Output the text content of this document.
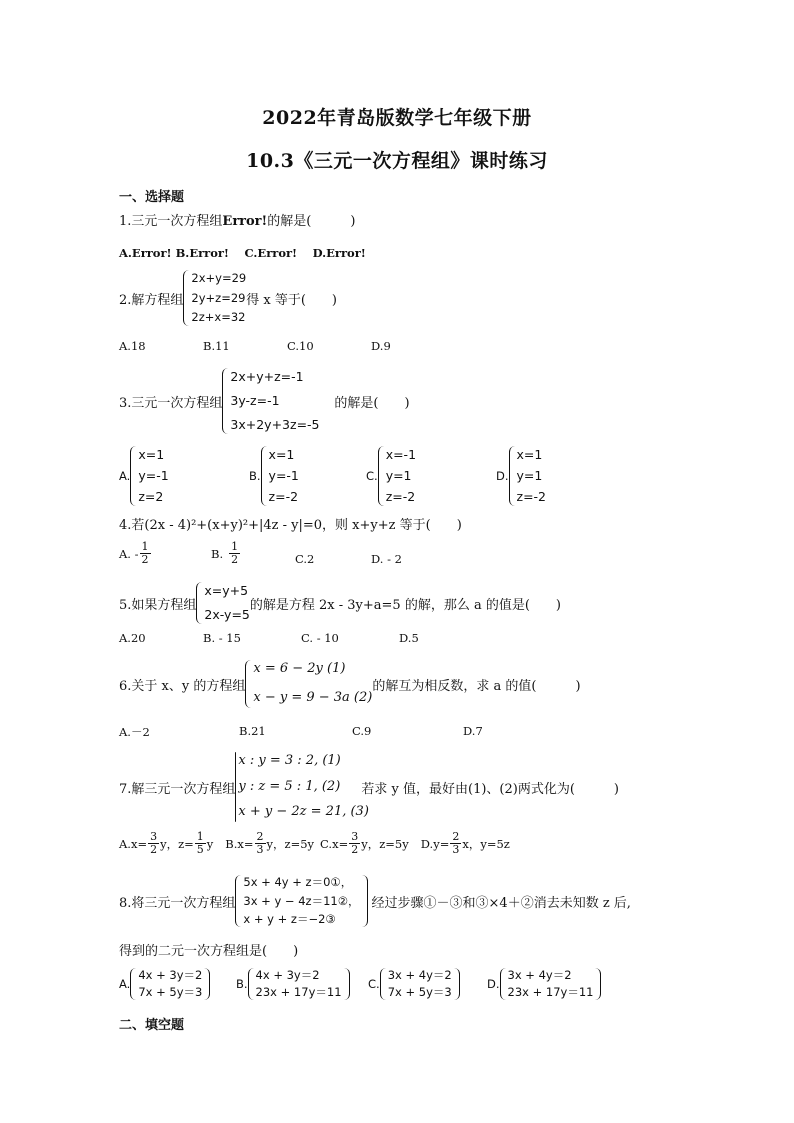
2022年青岛版数学七年级下册
10.3《三元一次方程组》课时练习
一、选择题
1.三元一次方程组Error!的解是(　　　)
A.Error! B.Error!　 C.Error!　 D.Error!
2.解方程组
2x+y=29
2y+z=29
2z+x=32
得 x 等于(　　)
A.18	B.11	C.10	D.9
3.三元一次方程组
2x+y+z=-1
3y-z=-1
3x+2y+3z=-5
的解是(　　)
A.
x=1
y=-1
z=2
B.
x=1
y=-1
z=-2
C.
x=-1
y=1
z=-2
D.
x=1
y=1
z=-2
4.若(2x - 4)²+(x+y)²+|4z - y|=0，则 x+y+z 等于(　　)
A. - $\frac{1}{2}$	B. $\frac{1}{2}$	C.2	D. - 2
5.如果方程组
x=y+5
2x-y=5
的解是方程 2x - 3y+a=5 的解，那么 a 的值是(　　)
A.20	B. - 15	C. - 10	D.5
6.关于 x、y 的方程组
x = 6 − 2y (1)
x − y = 9 − 3a (2)
的解互为相反数，求 a 的值(　　　)
A.－2	B.21	C.9	D.7
7.解三元一次方程组
x : y = 3 : 2, (1)
y : z = 5 : 1, (2)
x + y − 2z = 21, (3)
若求 y 值，最好由(1)、(2)两式化为(　　　)
$A.x= \frac{3}{2}$ y，$z= \frac{1}{5}$ y $B.x= \frac{2}{3}$ y，z=5y $C.x= \frac{3}{2}$ y，z=5y $D.y= \frac{2}{3}$ x，y=5z
8.将三元一次方程组
5x + 4y + z＝0①，
3x + y − 4z＝11②，
x + y + z＝−2③
经过步骤①－③和③×4＋②消去未知数 z 后,
得到的二元一次方程组是(　　)
A.
4x + 3y＝2
7x + 5y＝3
B.
4x + 3y＝2
23x + 17y＝11
C.
3x + 4y＝2
7x + 5y＝3
D.
3x + 4y＝2
23x + 17y＝11
二、填空题
